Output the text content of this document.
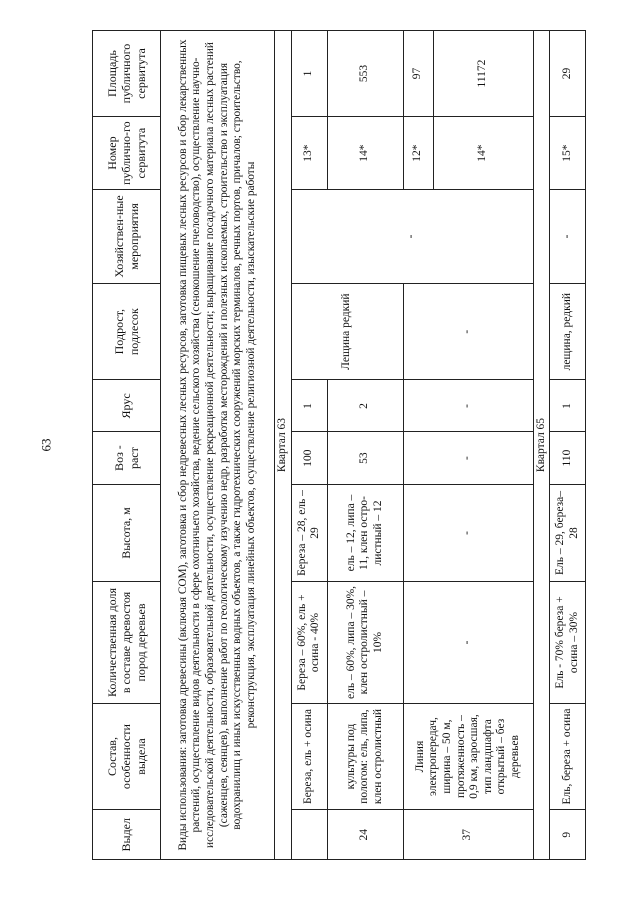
63
Выдел	Состав, особенности выдела	Количественная доля в составе древостоя пород деревьев	Высота, м	Воз - раст	Ярус	Подрост, подлесок	Хозяйствен-ные мероприятия	Номер публично-го сервитута	Площадь публичного сервитута
Виды использования: заготовка древесины (включая СОМ), заготовка и сбор недревесных лесных ресурсов, заготовка пищевых лесных ресурсов и сбор лекарственных растений, осуществление видов деятельности в сфере охотничьего хозяйства, ведение сельского хозяйства (сенокошение пчеловодство), осуществление научно-исследовательской деятельности, образовательной деятельности, осуществление рекреационной деятельности; выращивание посадочного материала лесных растений (саженцев, сеянцев), выполнение работ по геологическому изучению недр, разработка месторождений и полезных ископаемых, строительство и эксплуатация водохранилищ и иных искусственных водных объектов, а также гидротехнических сооружений морских терминалов, речных портов, причалов; строительство, реконструкция, эксплуатация линейных объектов, осуществление религиозной деятельности, изыскательские работы									
Квартал 63									
	Береза, ель + осина	Береза – 60%, ель + осина - 40%	Береза – 28, ель – 29	100	1	Лещина редкий	-	13*	1
24	культуры под пологом: ель, липа, клен остролистный	ель – 60%, липа – 30%, клен остролистный – 10%	ель – 12, липа – 11, клен остро-листный – 12	53	2			14*	553
37	Линия электропередач, ширина – 50 м, протяженность – 0,9 км, заросшая, тип ландшафта открытый – без деревьев	-	-	-	-	-		12*	97
								14*	11172
Квартал 65									
9	Ель, береза + осина	Ель - 70% береза + осина – 30%	Ель – 29, береза– 28	110	1	лещина, редкий	-	15*	29
